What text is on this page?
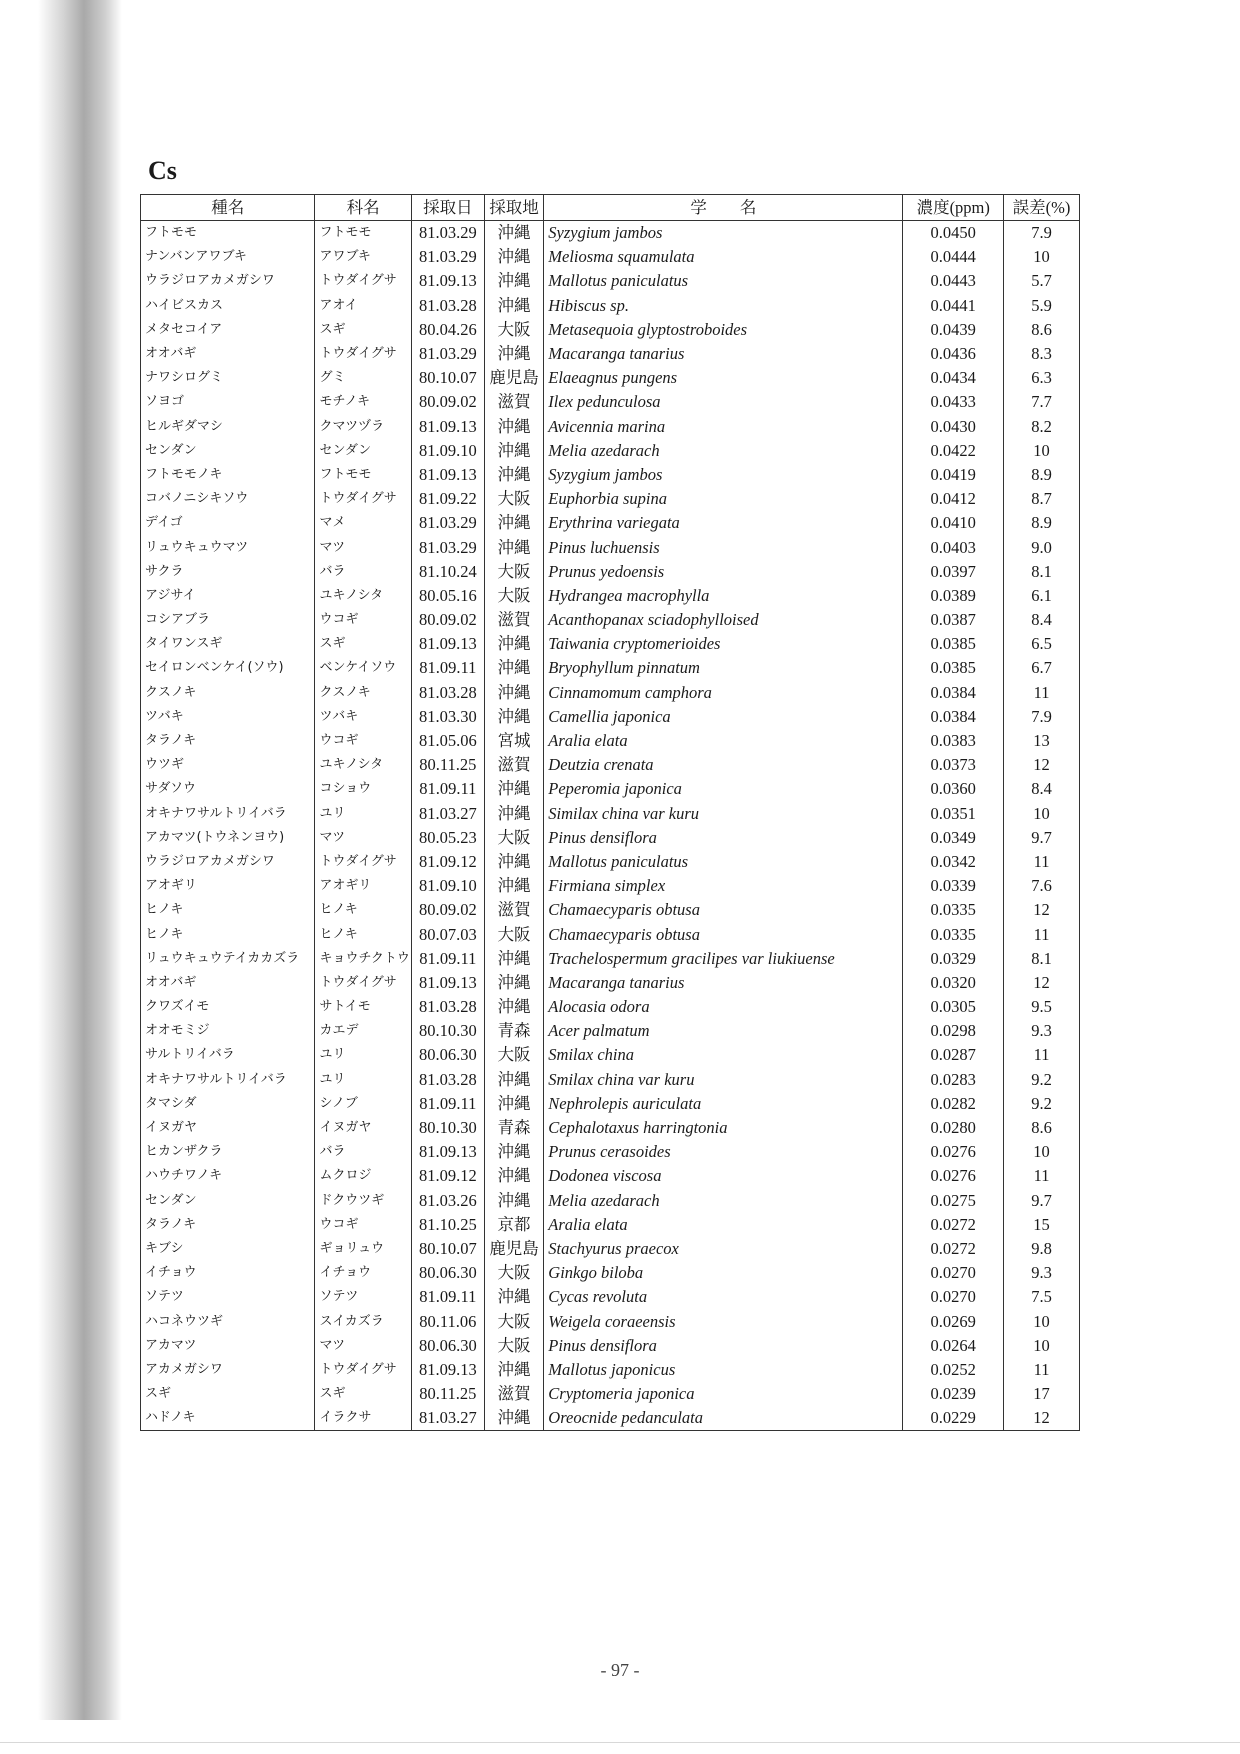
Cs
種名	科名	採取日	採取地	学　　名	濃度(ppm)	誤差(%)
フトモモ	フトモモ	81.03.29	沖縄	Syzygium jambos	0.0450	7.9
ナンバンアワブキ	アワブキ	81.03.29	沖縄	Meliosma squamulata	0.0444	10
ウラジロアカメガシワ	トウダイグサ	81.09.13	沖縄	Mallotus paniculatus	0.0443	5.7
ハイビスカス	アオイ	81.03.28	沖縄	Hibiscus sp.	0.0441	5.9
メタセコイア	スギ	80.04.26	大阪	Metasequoia glyptostroboides	0.0439	8.6
オオバギ	トウダイグサ	81.03.29	沖縄	Macaranga tanarius	0.0436	8.3
ナワシログミ	グミ	80.10.07	鹿児島	Elaeagnus pungens	0.0434	6.3
ソヨゴ	モチノキ	80.09.02	滋賀	Ilex pedunculosa	0.0433	7.7
ヒルギダマシ	クマツヅラ	81.09.13	沖縄	Avicennia marina	0.0430	8.2
センダン	センダン	81.09.10	沖縄	Melia azedarach	0.0422	10
フトモモノキ	フトモモ	81.09.13	沖縄	Syzygium jambos	0.0419	8.9
コバノニシキソウ	トウダイグサ	81.09.22	大阪	Euphorbia supina	0.0412	8.7
デイゴ	マメ	81.03.29	沖縄	Erythrina variegata	0.0410	8.9
リュウキュウマツ	マツ	81.03.29	沖縄	Pinus luchuensis	0.0403	9.0
サクラ	バラ	81.10.24	大阪	Prunus yedoensis	0.0397	8.1
アジサイ	ユキノシタ	80.05.16	大阪	Hydrangea macrophylla	0.0389	6.1
コシアブラ	ウコギ	80.09.02	滋賀	Acanthopanax sciadophylloised	0.0387	8.4
タイワンスギ	スギ	81.09.13	沖縄	Taiwania cryptomerioides	0.0385	6.5
セイロンベンケイ(ソウ)	ベンケイソウ	81.09.11	沖縄	Bryophyllum pinnatum	0.0385	6.7
クスノキ	クスノキ	81.03.28	沖縄	Cinnamomum camphora	0.0384	11
ツバキ	ツバキ	81.03.30	沖縄	Camellia japonica	0.0384	7.9
タラノキ	ウコギ	81.05.06	宮城	Aralia elata	0.0383	13
ウツギ	ユキノシタ	80.11.25	滋賀	Deutzia crenata	0.0373	12
サダソウ	コショウ	81.09.11	沖縄	Peperomia japonica	0.0360	8.4
オキナワサルトリイバラ	ユリ	81.03.27	沖縄	Similax china var kuru	0.0351	10
アカマツ(トウネンヨウ)	マツ	80.05.23	大阪	Pinus densiflora	0.0349	9.7
ウラジロアカメガシワ	トウダイグサ	81.09.12	沖縄	Mallotus paniculatus	0.0342	11
アオギリ	アオギリ	81.09.10	沖縄	Firmiana simplex	0.0339	7.6
ヒノキ	ヒノキ	80.09.02	滋賀	Chamaecyparis obtusa	0.0335	12
ヒノキ	ヒノキ	80.07.03	大阪	Chamaecyparis obtusa	0.0335	11
リュウキュウテイカカズラ	キョウチクトウ	81.09.11	沖縄	Trachelospermum gracilipes var liukiuense	0.0329	8.1
オオバギ	トウダイグサ	81.09.13	沖縄	Macaranga tanarius	0.0320	12
クワズイモ	サトイモ	81.03.28	沖縄	Alocasia odora	0.0305	9.5
オオモミジ	カエデ	80.10.30	青森	Acer palmatum	0.0298	9.3
サルトリイバラ	ユリ	80.06.30	大阪	Smilax china	0.0287	11
オキナワサルトリイバラ	ユリ	81.03.28	沖縄	Smilax china var kuru	0.0283	9.2
タマシダ	シノブ	81.09.11	沖縄	Nephrolepis auriculata	0.0282	9.2
イヌガヤ	イヌガヤ	80.10.30	青森	Cephalotaxus harringtonia	0.0280	8.6
ヒカンザクラ	バラ	81.09.13	沖縄	Prunus cerasoides	0.0276	10
ハウチワノキ	ムクロジ	81.09.12	沖縄	Dodonea viscosa	0.0276	11
センダン	ドクウツギ	81.03.26	沖縄	Melia azedarach	0.0275	9.7
タラノキ	ウコギ	81.10.25	京都	Aralia elata	0.0272	15
キブシ	ギョリュウ	80.10.07	鹿児島	Stachyurus praecox	0.0272	9.8
イチョウ	イチョウ	80.06.30	大阪	Ginkgo biloba	0.0270	9.3
ソテツ	ソテツ	81.09.11	沖縄	Cycas revoluta	0.0270	7.5
ハコネウツギ	スイカズラ	80.11.06	大阪	Weigela coraeensis	0.0269	10
アカマツ	マツ	80.06.30	大阪	Pinus densiflora	0.0264	10
アカメガシワ	トウダイグサ	81.09.13	沖縄	Mallotus japonicus	0.0252	11
スギ	スギ	80.11.25	滋賀	Cryptomeria japonica	0.0239	17
ハドノキ	イラクサ	81.03.27	沖縄	Oreocnide pedanculata	0.0229	12
- 97 -
